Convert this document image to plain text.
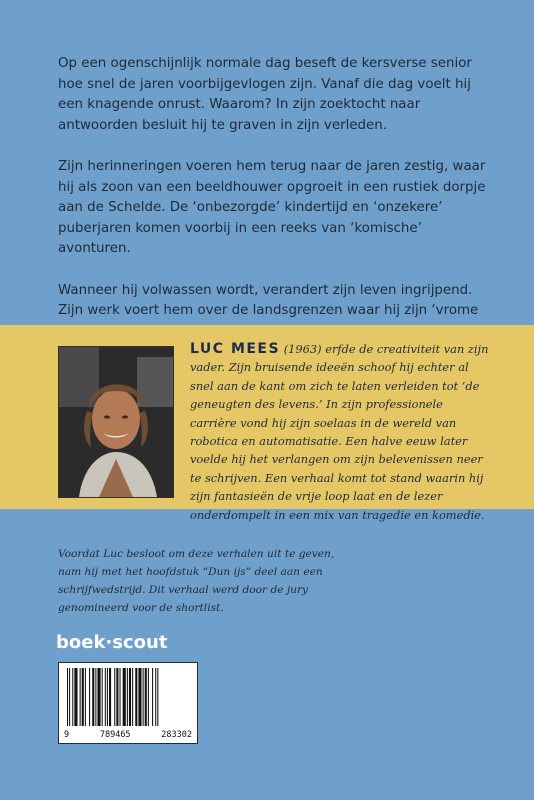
Op een ogenschijnlijk normale dag beseft de kersverse senior hoe snel de jaren voorbijgevlogen zijn. Vanaf die dag voelt hij een knagende onrust. Waarom? In zijn zoektocht naar antwoorden besluit hij te graven in zijn verleden.

Zijn herinneringen voeren hem terug naar de jaren zestig, waar hij als zoon van een beeldhouwer opgroeit in een rustiek dorpje aan de Schelde. De ‘onbezorgde’ kindertijd en ‘onzekere’ puberjaren komen voorbij in een reeks van ‘komische’ avonturen.

Wanneer hij volwassen wordt, verandert zijn leven ingrijpend. Zijn werk voert hem over de landsgrenzen waar hij zijn ‘vrome

LUC MEES (1963) erfde de creativiteit van zijn vader. Zijn bruisende ideeën schoof hij echter al snel aan de kant om zich te laten verleiden tot ‘de geneugten des levens.’ In zijn professionele carrière vond hij zijn soelaas in de wereld van robotica en automatisatie. Een halve eeuw later voelde hij het verlangen om zijn belevenissen neer te schrijven. Een verhaal komt tot stand waarin hij zijn fantasieën de vrije loop laat en de lezer onderdompelt in een mix van tragedie en komedie.
Voordat Luc besloot om deze verhalen uit te geven, nam hij met het hoofdstuk “Dun ijs” deel aan een schrijfwedstrijd. Dit verhaal werd door de jury genomineerd voor de shortlist.
boek·scout
9	789465	283302
